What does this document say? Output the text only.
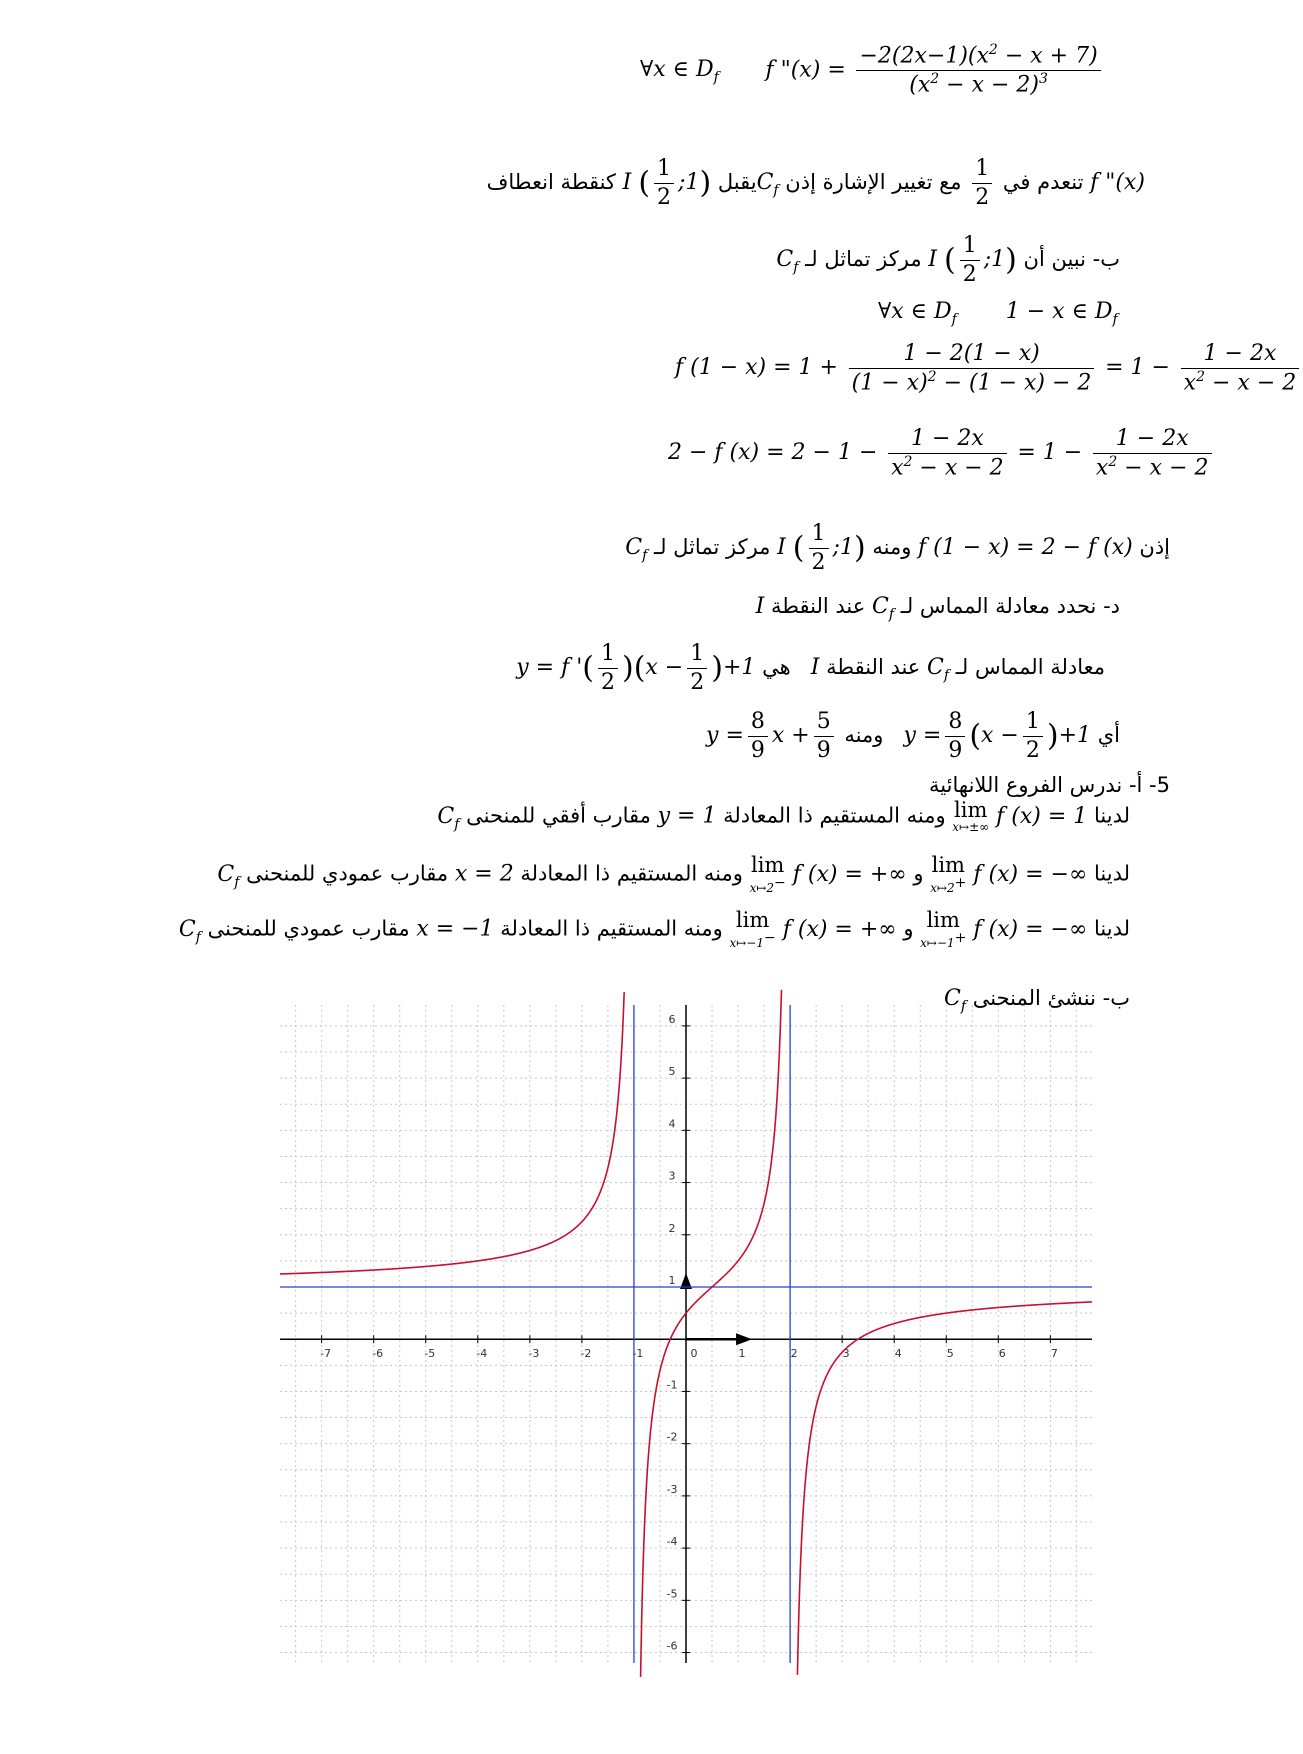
∀x ∈ $D_f$ f "$(x) = \frac{-2(2x-1)(x^2 - x + 7)}{(x^2 - x - 2)^3}$
f "(x) تنعدم في
$\frac{1}{2}$
مع تغيير الإشارة إذن $C_fيقبل$ I ( $\frac{1}{2}$ ;1) كنقطة انعطاف
ب- نبين أن I ( $\frac{1}{2}$ ;1) مركز تماثل لـ $C_f$
∀x ∈ $D_f$       1 − x ∈ $D_f$
f $(1 - x) = 1 + \frac{1 - 2(1 - x)}{(1 - x)^2 - (1 - x) - 2} = 1 - \frac{1 - 2x}{x^2 - x - 2}$
2 − f $(x) = 2 - 1 - \frac{1 - 2x}{x^2 - x - 2} = 1 - \frac{1 - 2x}{x^2 - x - 2}$
إذن f (1 − x) = 2 − f (x) ومنه I ( $\frac{1}{2}$ ;1) مركز تماثل لـ $C_f$
د- نحدد معادلة المماس لـ $C_f$ عند النقطة I
معادلة المماس لـ $C_f$ عند النقطة I   هي y = f '( $\frac{1}{2} )(x - \frac{1}{2} )+1$
أي $y = \frac{8}{9} (x - \frac{1}{2} )+1$   ومنه $y = \frac{8}{9}$ $x + \frac{5}{9}$
5- أ- ندرس الفروع اللانهائية
لدينا
lim
x↦±∞ f (x) = 1 ومنه المستقيم ذا المعادلة y = 1 مقارب أفقي للمنحنى $C_f$
لدينا
lim
x↦2+ f (x) = −∞ و
lim
x↦2− f (x) = +∞ ومنه المستقيم ذا المعادلة x = 2 مقارب عمودي للمنحنى $C_f$
لدينا
lim
x↦−1+ f (x) = −∞ و
lim
x↦−1− f (x) = +∞ ومنه المستقيم ذا المعادلة x = −1 مقارب عمودي للمنحنى $C_f$
ب- ننشئ المنحنى $C_f$
-7	-6	-5	-4	-3	-2	-1	0	1	2	3	4	5	6	7
-6
-5
-4
-3
-2
-1
1
2
3
4
5
6
